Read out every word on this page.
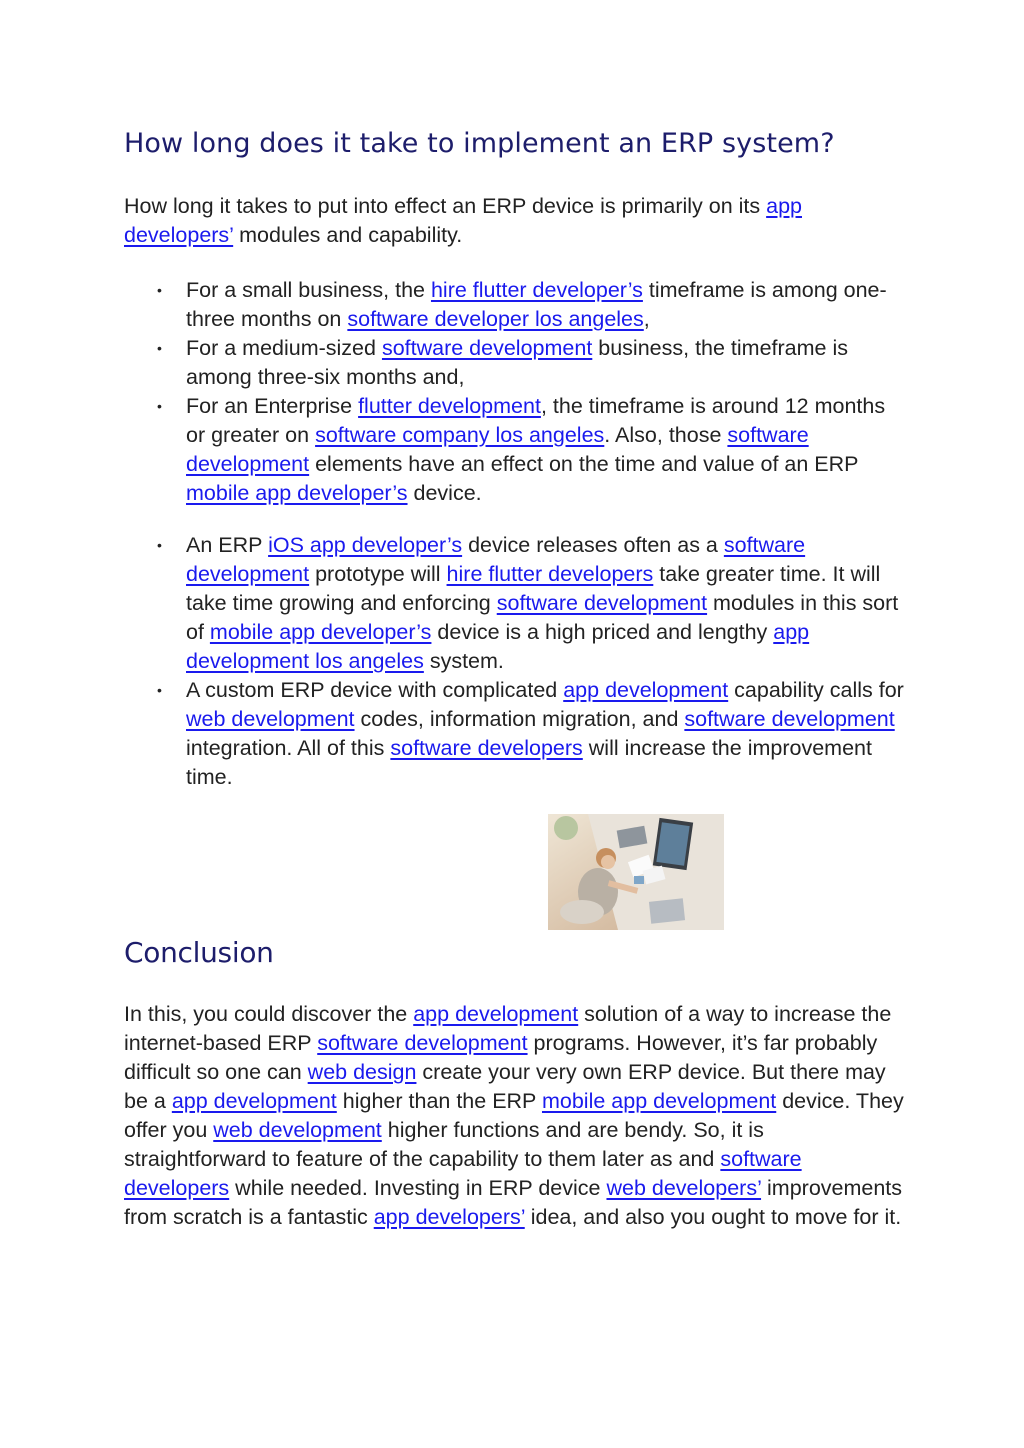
How long does it take to implement an ERP system?

How long it takes to put into effect an ERP device is primarily on its app developers’ modules and capability.

• For a small business, the hire flutter developer’s timeframe is among one-three months on software developer los angeles,
• For a medium-sized software development business, the timeframe is among three-six months and,
• For an Enterprise flutter development, the timeframe is around 12 months or greater on software company los angeles. Also, those software development elements have an effect on the time and value of an ERP mobile app developer’s device.
• An ERP iOS app developer’s device releases often as a software development prototype will hire flutter developers take greater time. It will take time growing and enforcing software development modules in this sort of mobile app developer’s device is a high priced and lengthy app development los angeles system.
• A custom ERP device with complicated app development capability calls for web development codes, information migration, and software development integration. All of this software developers will increase the improvement time.
Conclusion

In this, you could discover the app development solution of a way to increase the internet-based ERP software development programs. However, it’s far probably difficult so one can web design create your very own ERP device. But there may be a app development higher than the ERP mobile app development device. They offer you web development higher functions and are bendy. So, it is straightforward to feature of the capability to them later as and software developers while needed. Investing in ERP device web developers’ improvements from scratch is a fantastic app developers’ idea, and also you ought to move for it.
